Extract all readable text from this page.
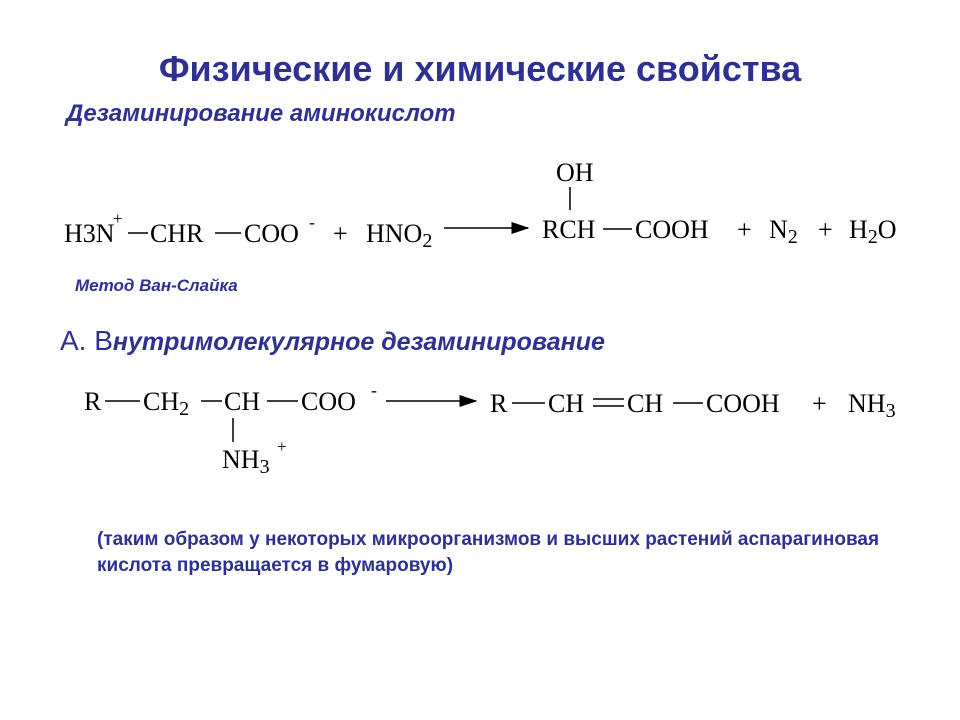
Физические и химические свойства
Дезаминирование аминокислот
Метод Ван-Слайка
А. Внутримолекулярное дезаминирование
(таким образом у некоторых микроорганизмов и высших растений аспарагиновая кислота превращается в фумаровую)
H3N
+
CHR COO - + HNO2
OH
RCH COOH + N2 + H2O
R CH2 CH COO -
NH3
+
R CH CH COOH + NH3
